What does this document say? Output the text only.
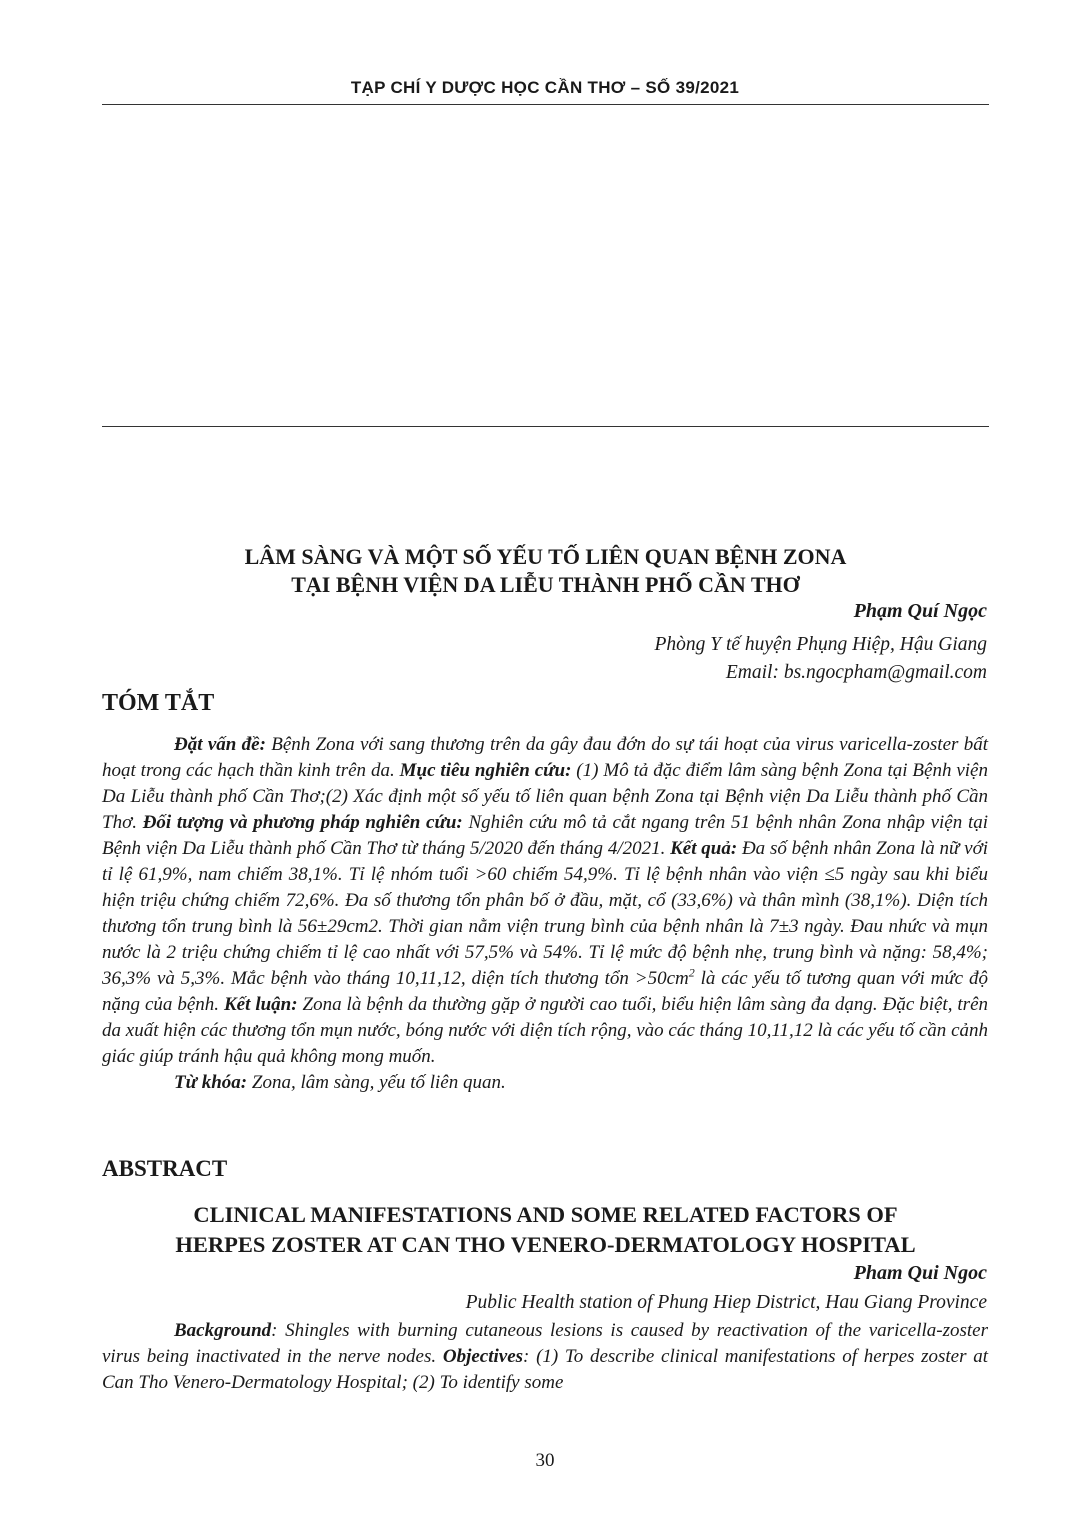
TẠP CHÍ Y DƯỢC HỌC CẦN THƠ – SỐ 39/2021
LÂM SÀNG VÀ MỘT SỐ YẾU TỐ LIÊN QUAN BỆNH ZONA
TẠI BỆNH VIỆN DA LIỄU THÀNH PHỐ CẦN THƠ
Phạm Quí Ngọc
Phòng Y tế huyện Phụng Hiệp, Hậu Giang
Email: bs.ngocpham@gmail.com
TÓM TẮT

Đặt vấn đề: Bệnh Zona với sang thương trên da gây đau đớn do sự tái hoạt của virus varicella-zoster bất hoạt trong các hạch thần kinh trên da. Mục tiêu nghiên cứu: (1) Mô tả đặc điểm lâm sàng bệnh Zona tại Bệnh viện Da Liễu thành phố Cần Thơ;(2) Xác định một số yếu tố liên quan bệnh Zona tại Bệnh viện Da Liễu thành phố Cần Thơ. Đối tượng và phương pháp nghiên cứu: Nghiên cứu mô tả cắt ngang trên 51 bệnh nhân Zona nhập viện tại Bệnh viện Da Liễu thành phố Cần Thơ từ tháng 5/2020 đến tháng 4/2021. Kết quả: Đa số bệnh nhân Zona là nữ với tỉ lệ 61,9%, nam chiếm 38,1%. Tỉ lệ nhóm tuổi >60 chiếm 54,9%. Tỉ lệ bệnh nhân vào viện ≤5 ngày sau khi biểu hiện triệu chứng chiếm 72,6%. Đa số thương tổn phân bố ở đầu, mặt, cổ (33,6%) và thân mình (38,1%). Diện tích thương tổn trung bình là 56±29cm2. Thời gian nằm viện trung bình của bệnh nhân là 7±3 ngày. Đau nhức và mụn nước là 2 triệu chứng chiếm tỉ lệ cao nhất với 57,5% và 54%. Tỉ lệ mức độ bệnh nhẹ, trung bình và nặng: 58,4%; 36,3% và 5,3%. Mắc bệnh vào tháng 10,11,12, diện tích thương tổn $>50cm^2$ là các yếu tố tương quan với mức độ nặng của bệnh. Kết luận: Zona là bệnh da thường gặp ở người cao tuổi, biểu hiện lâm sàng đa dạng. Đặc biệt, trên da xuất hiện các thương tổn mụn nước, bóng nước với diện tích rộng, vào các tháng 10,11,12 là các yếu tố cần cảnh giác giúp tránh hậu quả không mong muốn.

Từ khóa: Zona, lâm sàng, yếu tố liên quan.

ABSTRACT
CLINICAL MANIFESTATIONS AND SOME RELATED FACTORS OF
HERPES ZOSTER AT CAN THO VENERO-DERMATOLOGY HOSPITAL
Pham Qui Ngoc
Public Health station of Phung Hiep District, Hau Giang Province

Background: Shingles with burning cutaneous lesions is caused by reactivation of the varicella-zoster virus being inactivated in the nerve nodes. Objectives: (1) To describe clinical manifestations of herpes zoster at Can Tho Venero-Dermatology Hospital; (2) To identify some

30
